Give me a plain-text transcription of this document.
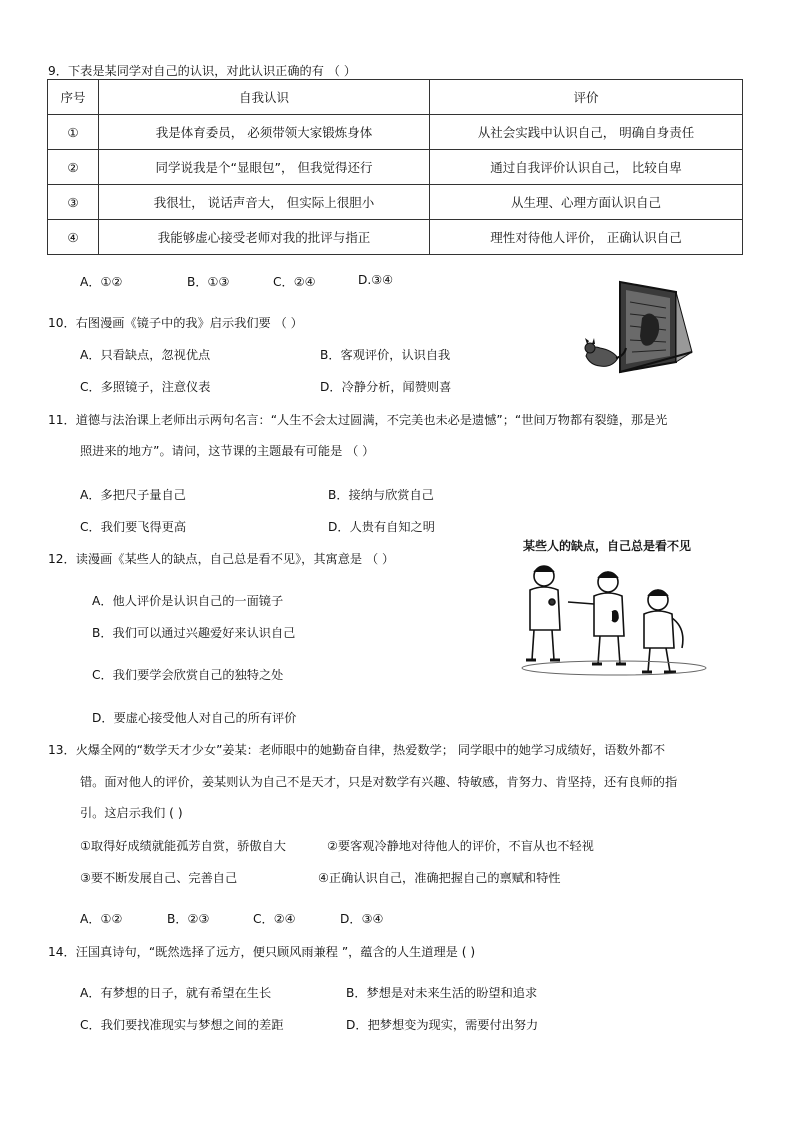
9．下表是某同学对自己的认识，对此认识正确的有 （ ）
序号	自我认识	评价
①	我是体育委员， 必须带领大家锻炼身体	从社会实践中认识自己， 明确自身责任
②	同学说我是个“显眼包”， 但我觉得还行	通过自我评价认识自己， 比较自卑
③	我很壮， 说话声音大， 但实际上很胆小	从生理、心理方面认识自己
④	我能够虚心接受老师对我的批评与指正	理性对待他人评价， 正确认识自己
A．①②	B．①③	C．②④	D.③④
10．右图漫画《镜子中的我》启示我们要 （ ）
A．只看缺点，忽视优点	B．客观评价，认识自我
C．多照镜子，注意仪表	D．冷静分析，闻赞则喜
11．道德与法治课上老师出示两句名言：“人生不会太过圆满，不完美也未必是遗憾”；“世间万物都有裂缝，那是光
照进来的地方”。请问，这节课的主题最有可能是 （ ）
A．多把尺子量自己	B．接纳与欣赏自己
C．我们要飞得更高	D．人贵有自知之明
12．读漫画《某些人的缺点，自己总是看不见》，其寓意是 （ ）
某些人的缺点，自己总是看不见
A．他人评价是认识自己的一面镜子
B．我们可以通过兴趣爱好来认识自己
C．我们要学会欣赏自己的独特之处
D．要虚心接受他人对自己的所有评价
13．火爆全网的“数学天才少女”姜某：老师眼中的她勤奋自律，热爱数学； 同学眼中的她学习成绩好，语数外都不
错。面对他人的评价，姜某则认为自己不是天才，只是对数学有兴趣、特敏感，肯努力、肯坚持，还有良师的指
引。这启示我们 ( )
①取得好成绩就能孤芳自赏，骄傲自大	②要客观冷静地对待他人的评价，不盲从也不轻视
③要不断发展自己、完善自己	④正确认识自己，准确把握自己的禀赋和特性
A．①②	B．②③	C．②④	D．③④
14．汪国真诗句，“既然选择了远方，便只顾风雨兼程 ”，蕴含的人生道理是 ( )
A．有梦想的日子，就有希望在生长	B．梦想是对未来生活的盼望和追求
C．我们要找准现实与梦想之间的差距	D．把梦想变为现实，需要付出努力
